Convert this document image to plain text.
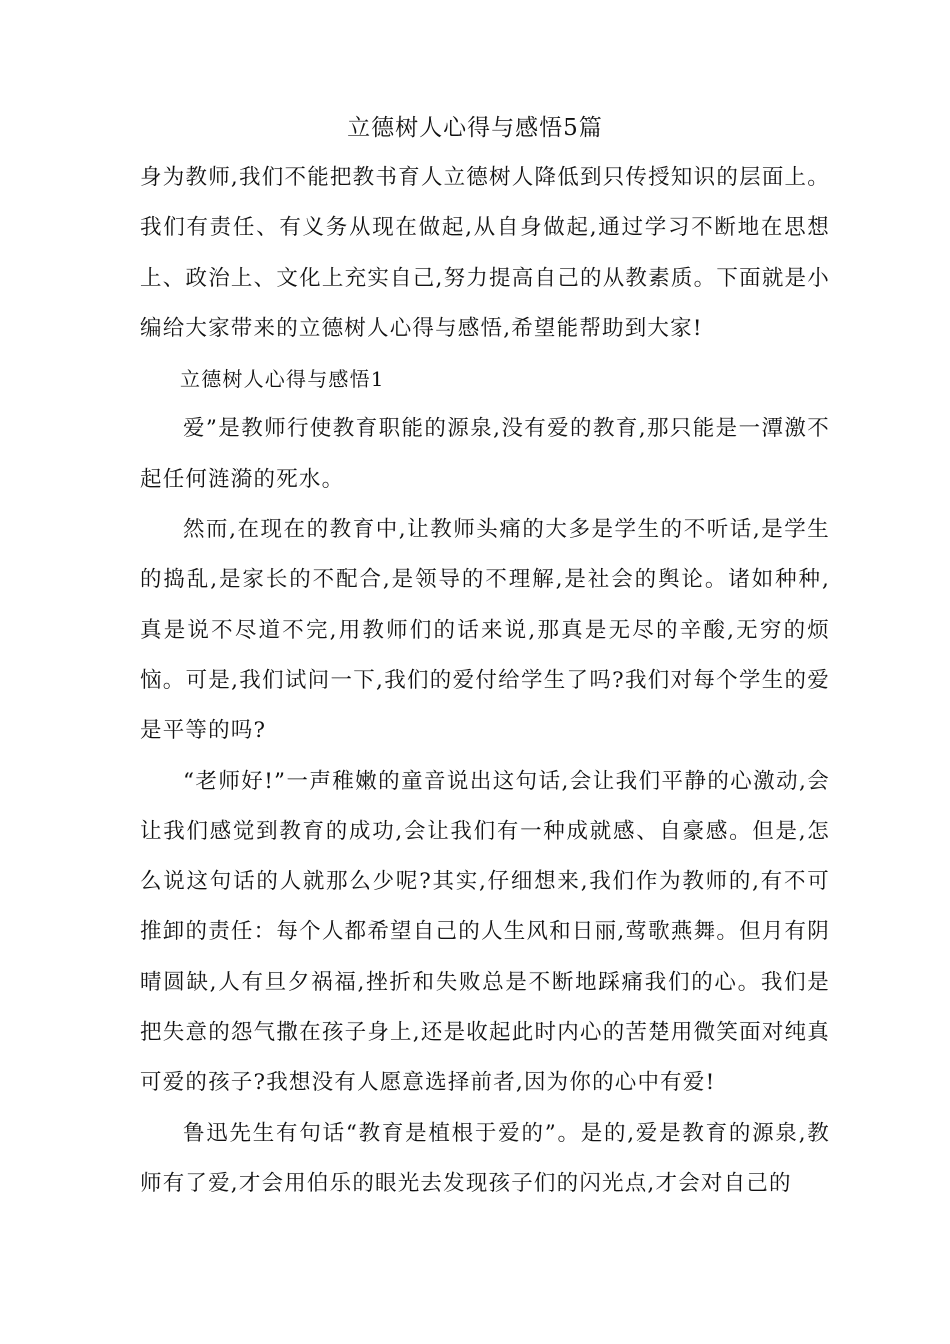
立德树人心得与感悟5篇

身为教师,我们不能把教书育人立德树人降低到只传授知识的层面上。我们有责任、有义务从现在做起,从自身做起,通过学习不断地在思想上、政治上、文化上充实自己,努力提高自己的从教素质。下面就是小编给大家带来的立德树人心得与感悟,希望能帮助到大家!

立德树人心得与感悟1

爱”是教师行使教育职能的源泉,没有爱的教育,那只能是一潭激不起任何涟漪的死水。

然而,在现在的教育中,让教师头痛的大多是学生的不听话,是学生的捣乱,是家长的不配合,是领导的不理解,是社会的舆论。诸如种种,真是说不尽道不完,用教师们的话来说,那真是无尽的辛酸,无穷的烦恼。可是,我们试问一下,我们的爱付给学生了吗?我们对每个学生的爱是平等的吗?

“老师好!”一声稚嫩的童音说出这句话,会让我们平静的心激动,会让我们感觉到教育的成功,会让我们有一种成就感、自豪感。但是,怎么说这句话的人就那么少呢?其实,仔细想来,我们作为教师的,有不可推卸的责任：每个人都希望自己的人生风和日丽,莺歌燕舞。但月有阴晴圆缺,人有旦夕祸福,挫折和失败总是不断地踩痛我们的心。我们是把失意的怨气撒在孩子身上,还是收起此时内心的苦楚用微笑面对纯真可爱的孩子?我想没有人愿意选择前者,因为你的心中有爱!

鲁迅先生有句话“教育是植根于爱的”。是的,爱是教育的源泉,教师有了爱,才会用伯乐的眼光去发现孩子们的闪光点,才会对自己的
